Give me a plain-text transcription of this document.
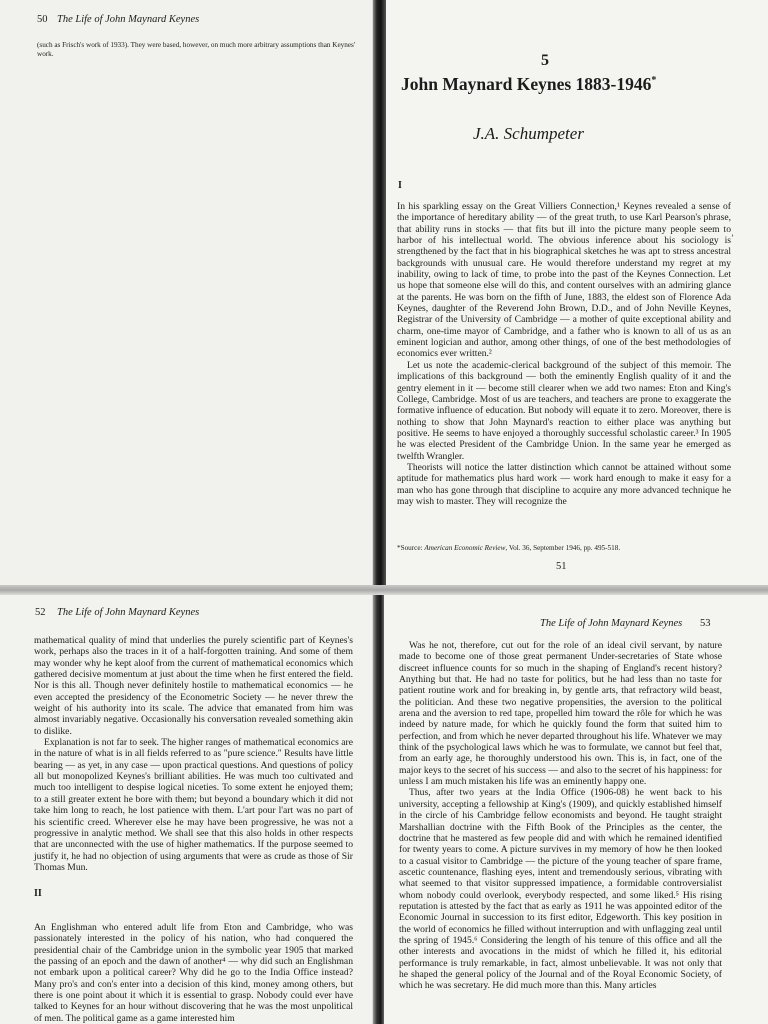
50 The Life of John Maynard Keynes
(such as Frisch's work of 1933). They were based, however, on much more arbitrary assumptions than Keynes' work.	5
John Maynard Keynes 1883-1946*
J.A. Schumpeter
I

In his sparkling essay on the Great Villiers Connection,¹ Keynes revealed a sense of the importance of hereditary ability — of the great truth, to use Karl Pearson's phrase, that ability runs in stocks — that fits but ill into the picture many people seem to harbor of his intellectual world. The obvious inference about his sociology is strengthened by the fact that in his biographical sketches he was apt to stress ancestral backgrounds with unusual care. He would therefore understand my regret at my inability, owing to lack of time, to probe into the past of the Keynes Connection. Let us hope that someone else will do this, and content ourselves with an admiring glance at the parents. He was born on the fifth of June, 1883, the eldest son of Florence Ada Keynes, daughter of the Reverend John Brown, D.D., and of John Neville Keynes, Registrar of the University of Cambridge — a mother of quite exceptional ability and charm, one-time mayor of Cambridge, and a father who is known to all of us as an eminent logician and author, among other things, of one of the best methodologies of economics ever written.²

Let us note the academic-clerical background of the subject of this memoir. The implications of this background — both the eminently English quality of it and the gentry element in it — become still clearer when we add two names: Eton and King's College, Cambridge. Most of us are teachers, and teachers are prone to exaggerate the formative influence of education. But nobody will equate it to zero. Moreover, there is nothing to show that John Maynard's reaction to either place was anything but positive. He seems to have enjoyed a thoroughly successful scholastic career.³ In 1905 he was elected President of the Cambridge Union. In the same year he emerged as twelfth Wrangler.

Theorists will notice the latter distinction which cannot be attained without some aptitude for mathematics plus hard work — work hard enough to make it easy for a man who has gone through that discipline to acquire any more advanced technique he may wish to master. They will recognize the

*Source: American Economic Review, Vol. 36, September 1946, pp. 495-518.
51
’
52 The Life of John Maynard Keynes

mathematical quality of mind that underlies the purely scientific part of Keynes's work, perhaps also the traces in it of a half-forgotten training. And some of them may wonder why he kept aloof from the current of mathematical economics which gathered decisive momentum at just about the time when he first entered the field. Nor is this all. Though never definitely hostile to mathematical economics — he even accepted the presidency of the Econometric Society — he never threw the weight of his authority into its scale. The advice that emanated from him was almost invariably negative. Occasionally his conversation revealed something akin to dislike.

Explanation is not far to seek. The higher ranges of mathematical economics are in the nature of what is in all fields referred to as "pure science." Results have little bearing — as yet, in any case — upon practical questions. And questions of policy all but monopolized Keynes's brilliant abilities. He was much too cultivated and much too intelligent to despise logical niceties. To some extent he enjoyed them; to a still greater extent he bore with them; but beyond a boundary which it did not take him long to reach, he lost patience with them. L'art pour l'art was no part of his scientific creed. Wherever else he may have been progressive, he was not a progressive in analytic method. We shall see that this also holds in other respects that are unconnected with the use of higher mathematics. If the purpose seemed to justify it, he had no objection of using arguments that were as crude as those of Sir Thomas Mun.

II

An Englishman who entered adult life from Eton and Cambridge, who was passionately interested in the policy of his nation, who had conquered the presidential chair of the Cambridge union in the symbolic year 1905 that marked the passing of an epoch and the dawn of another⁴ — why did such an Englishman not embark upon a political career? Why did he go to the India Office instead? Many pro's and con's enter into a decision of this kind, money among others, but there is one point about it which it is essential to grasp. Nobody could ever have talked to Keynes for an hour without discovering that he was the most unpolitical of men. The political game as a game interested him

The Life of John Maynard Keynes 53

Was he not, therefore, cut out for the role of an ideal civil servant, by nature made to become one of those great permanent Under-secretaries of State whose discreet influence counts for so much in the shaping of England's recent history? Anything but that. He had no taste for politics, but he had less than no taste for patient routine work and for breaking in, by gentle arts, that refractory wild beast, the politician. And these two negative propensities, the aversion to the political arena and the aversion to red tape, propelled him toward the rôle for which he was indeed by nature made, for which he quickly found the form that suited him to perfection, and from which he never departed throughout his life. Whatever we may think of the psychological laws which he was to formulate, we cannot but feel that, from an early age, he thoroughly understood his own. This is, in fact, one of the major keys to the secret of his success — and also to the secret of his happiness: for unless I am much mistaken his life was an eminently happy one.

Thus, after two years at the India Office (1906-08) he went back to his university, accepting a fellowship at King's (1909), and quickly established himself in the circle of his Cambridge fellow economists and beyond. He taught straight Marshallian doctrine with the Fifth Book of the Principles as the center, the doctrine that he mastered as few people did and with which he remained identified for twenty years to come. A picture survives in my memory of how he then looked to a casual visitor to Cambridge — the picture of the young teacher of spare frame, ascetic countenance, flashing eyes, intent and tremendously serious, vibrating with what seemed to that visitor suppressed impatience, a formidable controversialist whom nobody could overlook, everybody respected, and some liked.⁵ His rising reputation is attested by the fact that as early as 1911 he was appointed editor of the Economic Journal in succession to its first editor, Edgeworth. This key position in the world of economics he filled without interruption and with unflagging zeal until the spring of 1945.⁶ Considering the length of his tenure of this office and all the other interests and avocations in the midst of which he filled it, his editorial performance is truly remarkable, in fact, almost unbelievable. It was not only that he shaped the general policy of the Journal and of the Royal Economic Society, of which he was secretary. He did much more than this. Many articles
